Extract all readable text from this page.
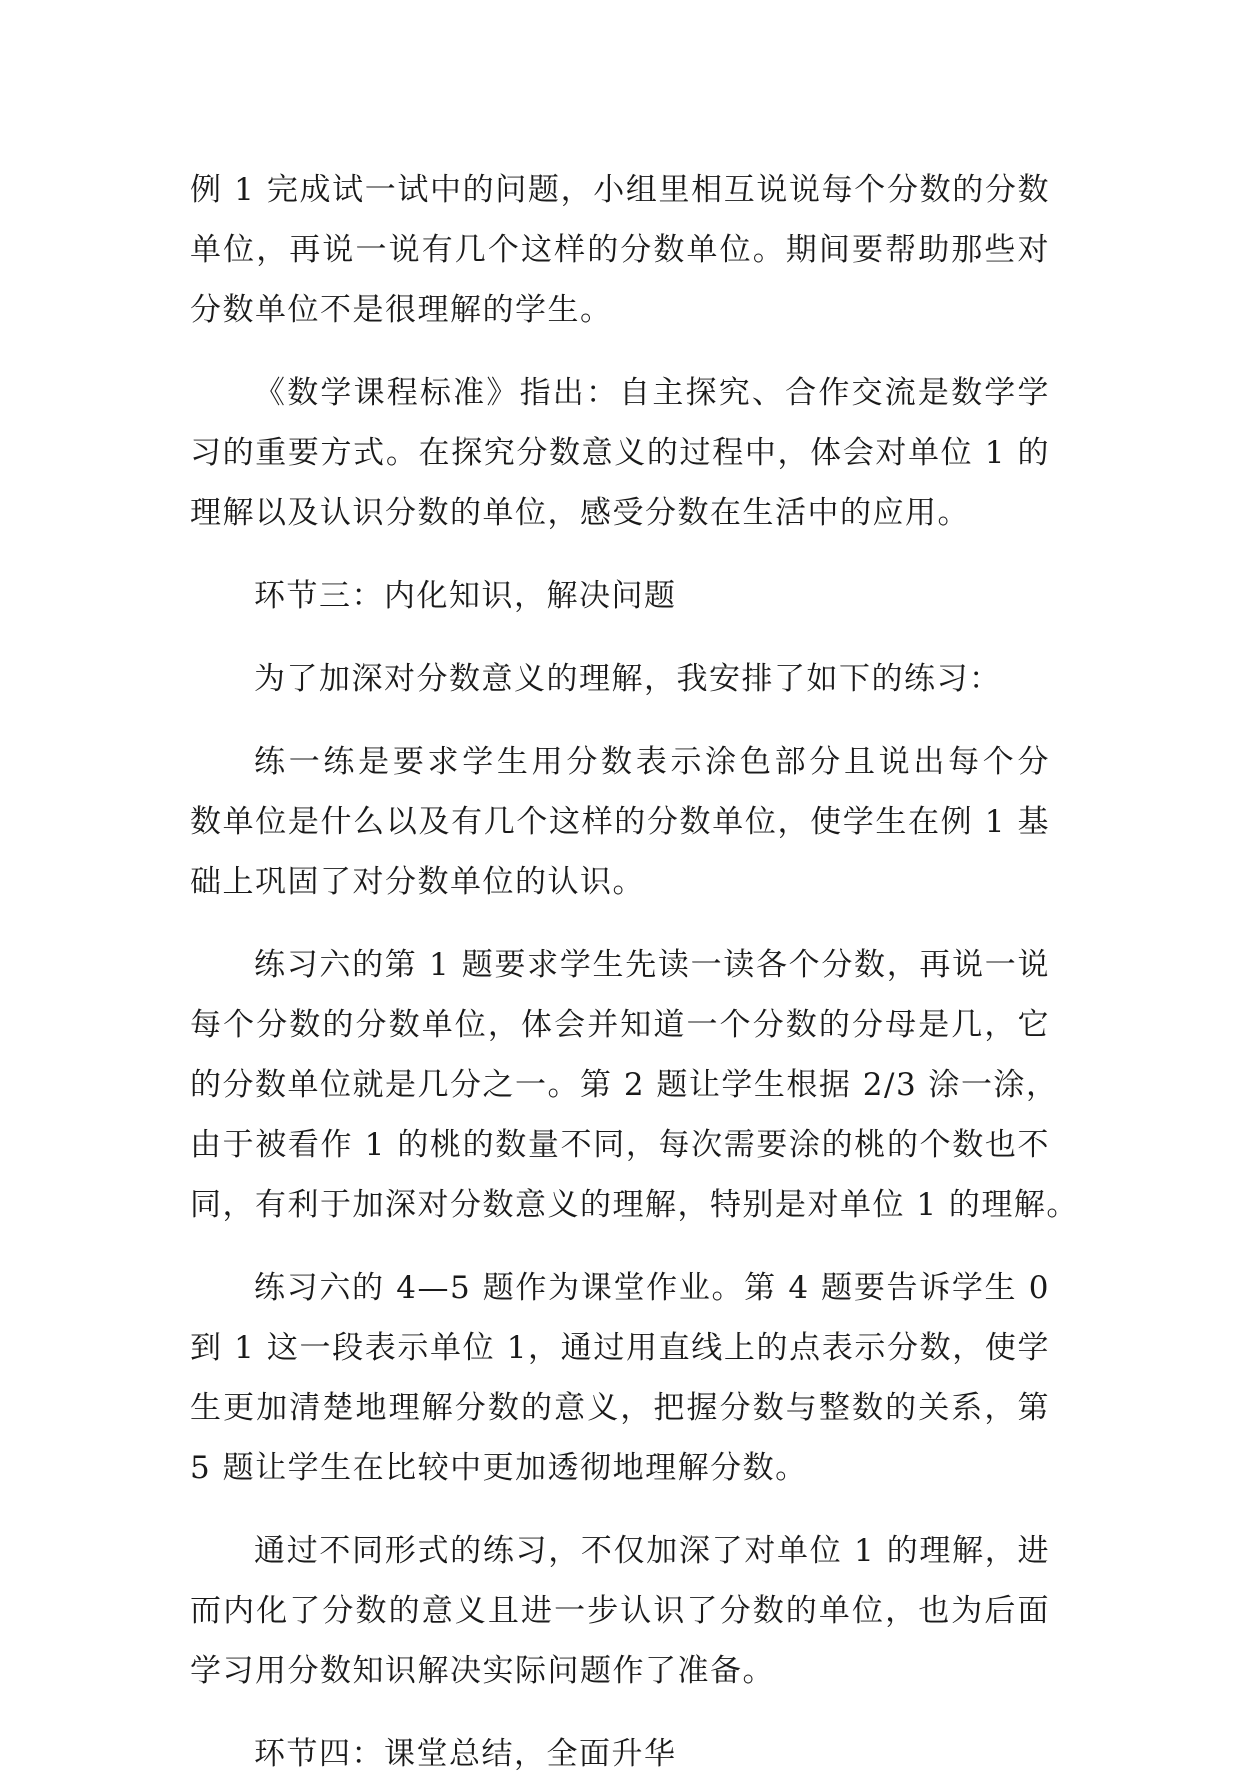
例 1 完成试一试中的问题，小组里相互说说每个分数的分数
单位，再说一说有几个这样的分数单位。期间要帮助那些对
分数单位不是很理解的学生。
《数学课程标准》指出：自主探究、合作交流是数学学
习的重要方式。在探究分数意义的过程中，体会对单位 1 的
理解以及认识分数的单位，感受分数在生活中的应用。
环节三：内化知识，解决问题
为了加深对分数意义的理解，我安排了如下的练习：
练一练是要求学生用分数表示涂色部分且说出每个分
数单位是什么以及有几个这样的分数单位，使学生在例 1 基
础上巩固了对分数单位的认识。
练习六的第 1 题要求学生先读一读各个分数，再说一说
每个分数的分数单位，体会并知道一个分数的分母是几，它
的分数单位就是几分之一。第 2 题让学生根据 2/3 涂一涂，
由于被看作 1 的桃的数量不同，每次需要涂的桃的个数也不
同，有利于加深对分数意义的理解，特别是对单位 1 的理解。
练习六的 4—5 题作为课堂作业。第 4 题要告诉学生 0
到 1 这一段表示单位 1，通过用直线上的点表示分数，使学
生更加清楚地理解分数的意义，把握分数与整数的关系，第
5 题让学生在比较中更加透彻地理解分数。
通过不同形式的练习，不仅加深了对单位 1 的理解，进
而内化了分数的意义且进一步认识了分数的单位，也为后面
学习用分数知识解决实际问题作了准备。
环节四：课堂总结，全面升华
